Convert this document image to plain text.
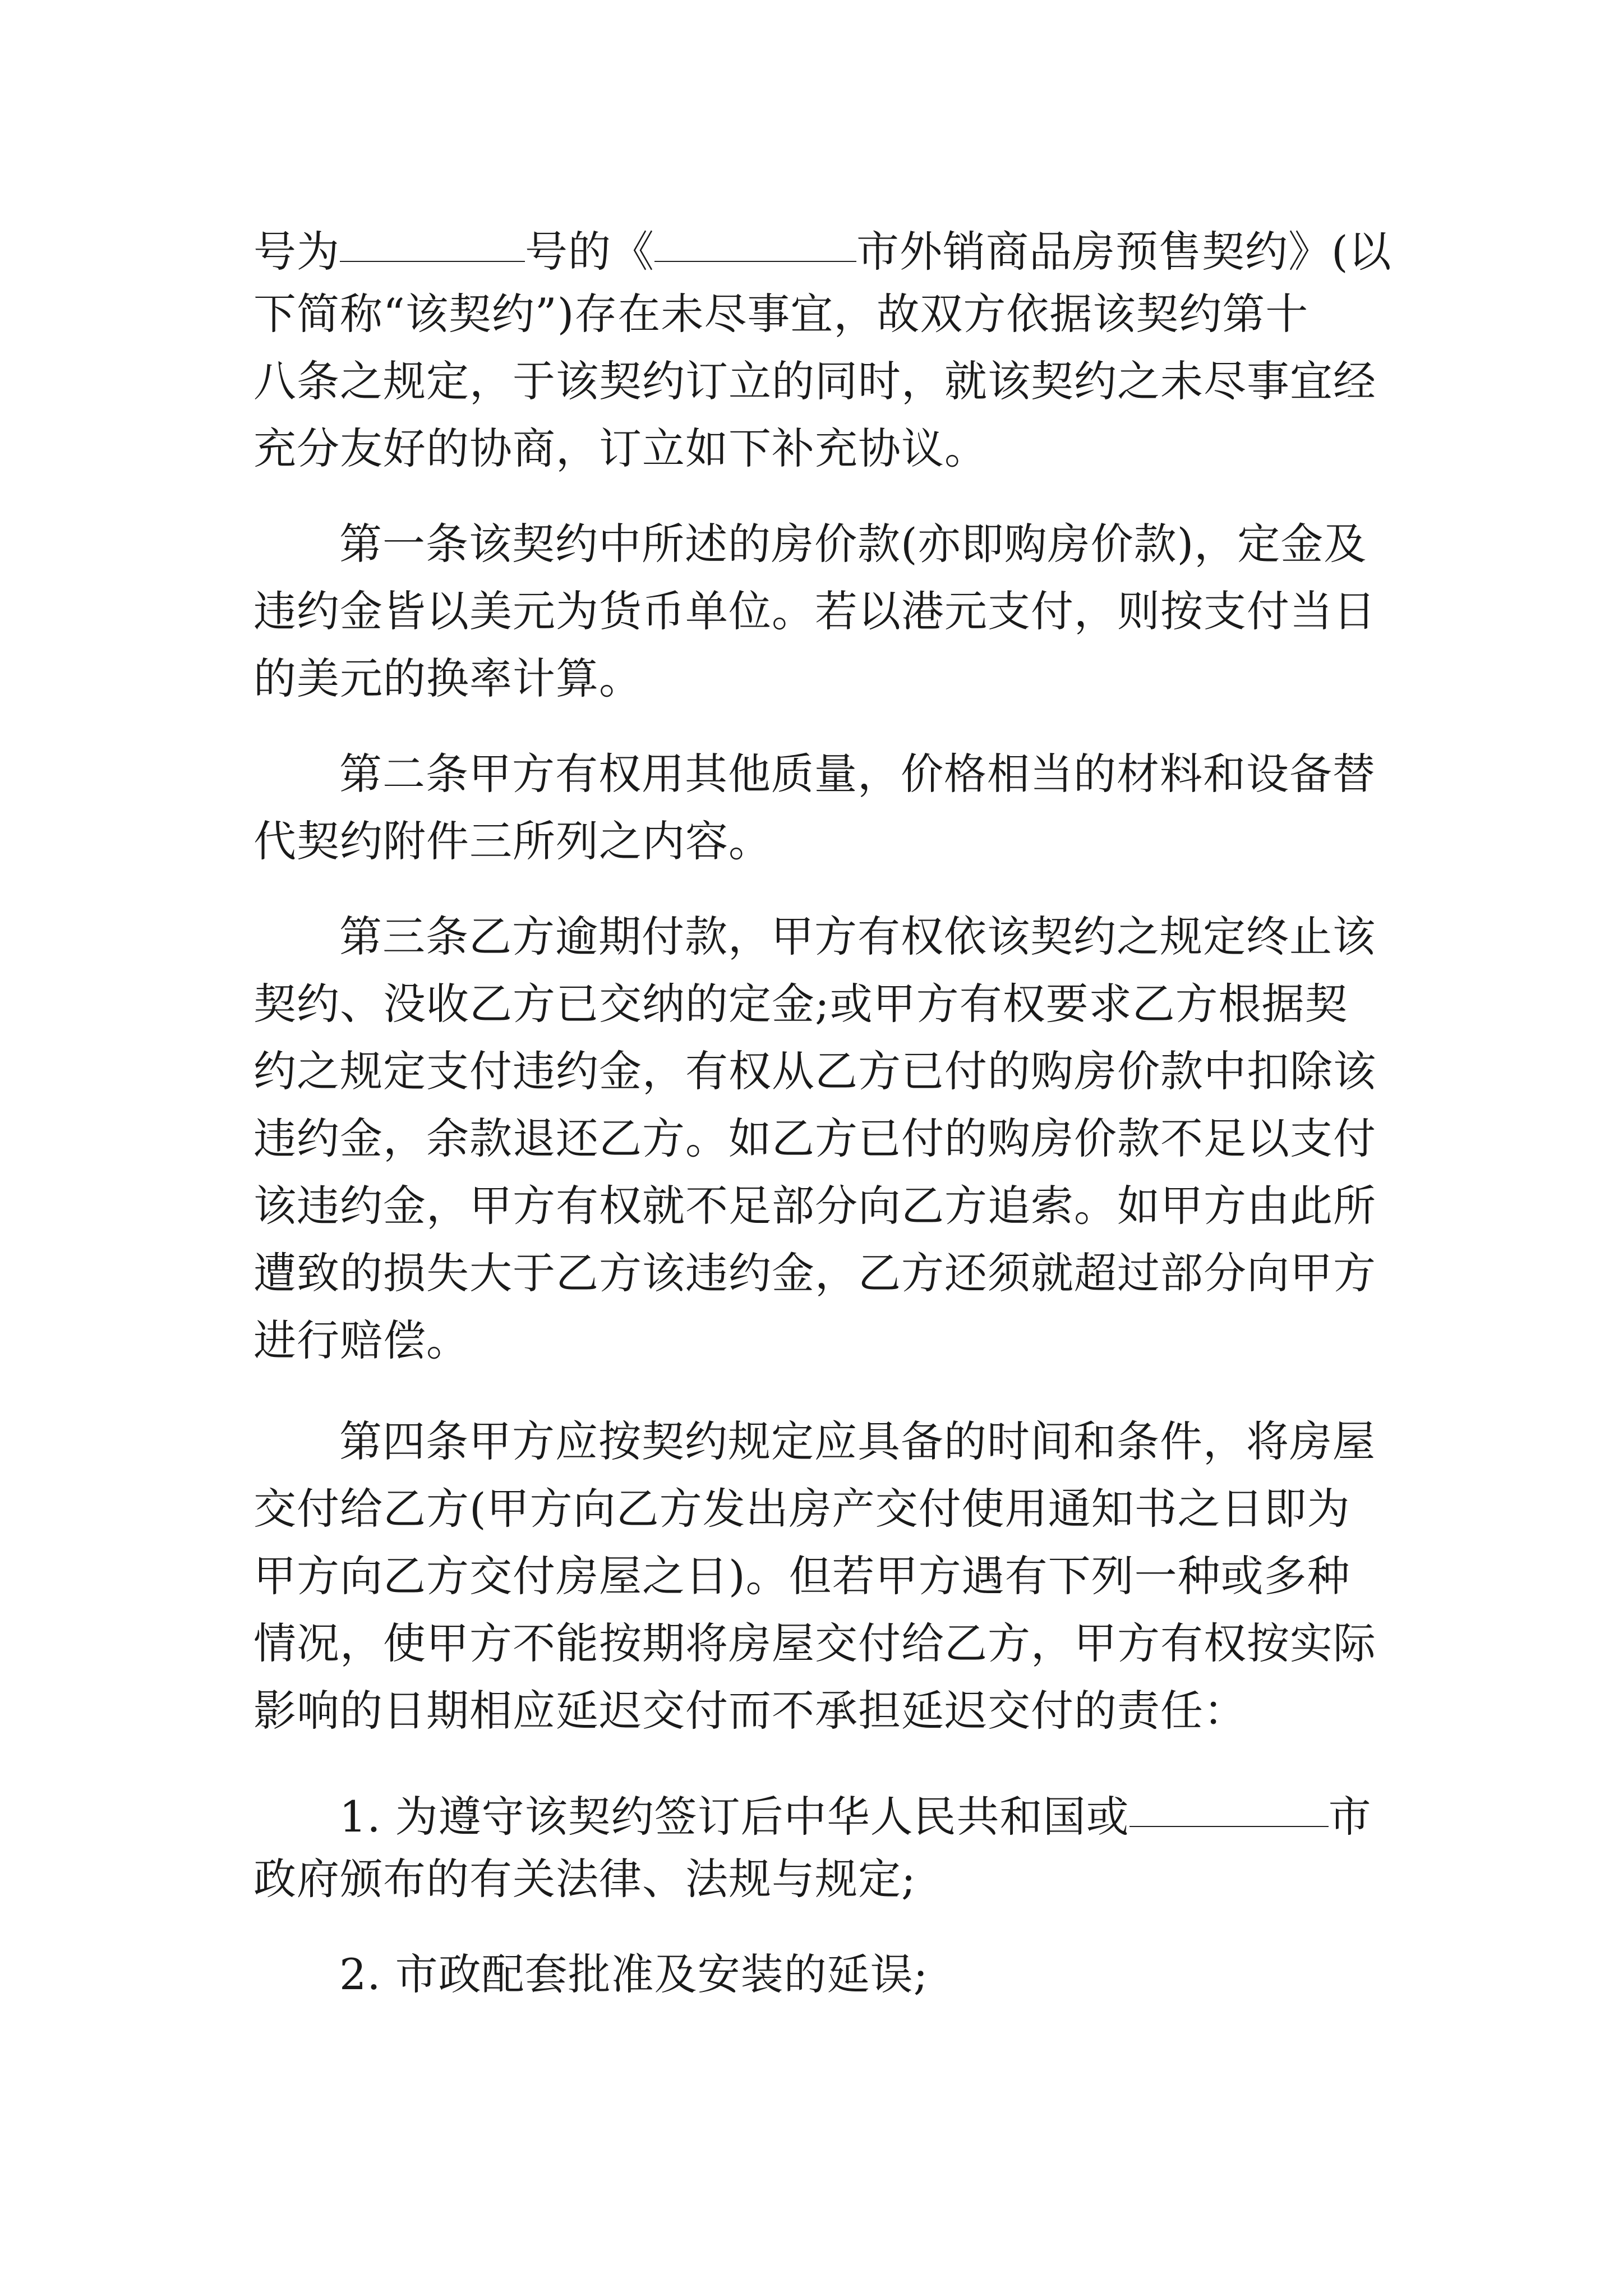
号为	号的《	市外销商品房预售契约》(以
下简称“该契约”)存在未尽事宜，故双方依据该契约第十
八条之规定，于该契约订立的同时，就该契约之未尽事宜经
充分友好的协商，订立如下补充协议。
第一条该契约中所述的房价款(亦即购房价款)，定金及
违约金皆以美元为货币单位。若以港元支付，则按支付当日
的美元的换率计算。
第二条甲方有权用其他质量，价格相当的材料和设备替
代契约附件三所列之内容。
第三条乙方逾期付款，甲方有权依该契约之规定终止该
契约、没收乙方已交纳的定金;或甲方有权要求乙方根据契
约之规定支付违约金，有权从乙方已付的购房价款中扣除该
违约金，余款退还乙方。如乙方已付的购房价款不足以支付
该违约金，甲方有权就不足部分向乙方追索。如甲方由此所
遭致的损失大于乙方该违约金，乙方还须就超过部分向甲方
进行赔偿。
第四条甲方应按契约规定应具备的时间和条件，将房屋
交付给乙方(甲方向乙方发出房产交付使用通知书之日即为
甲方向乙方交付房屋之日)。但若甲方遇有下列一种或多种
情况，使甲方不能按期将房屋交付给乙方，甲方有权按实际
影响的日期相应延迟交付而不承担延迟交付的责任：
1. 为遵守该契约签订后中华人民共和国或	市
政府颁布的有关法律、法规与规定;
2. 市政配套批准及安装的延误;
